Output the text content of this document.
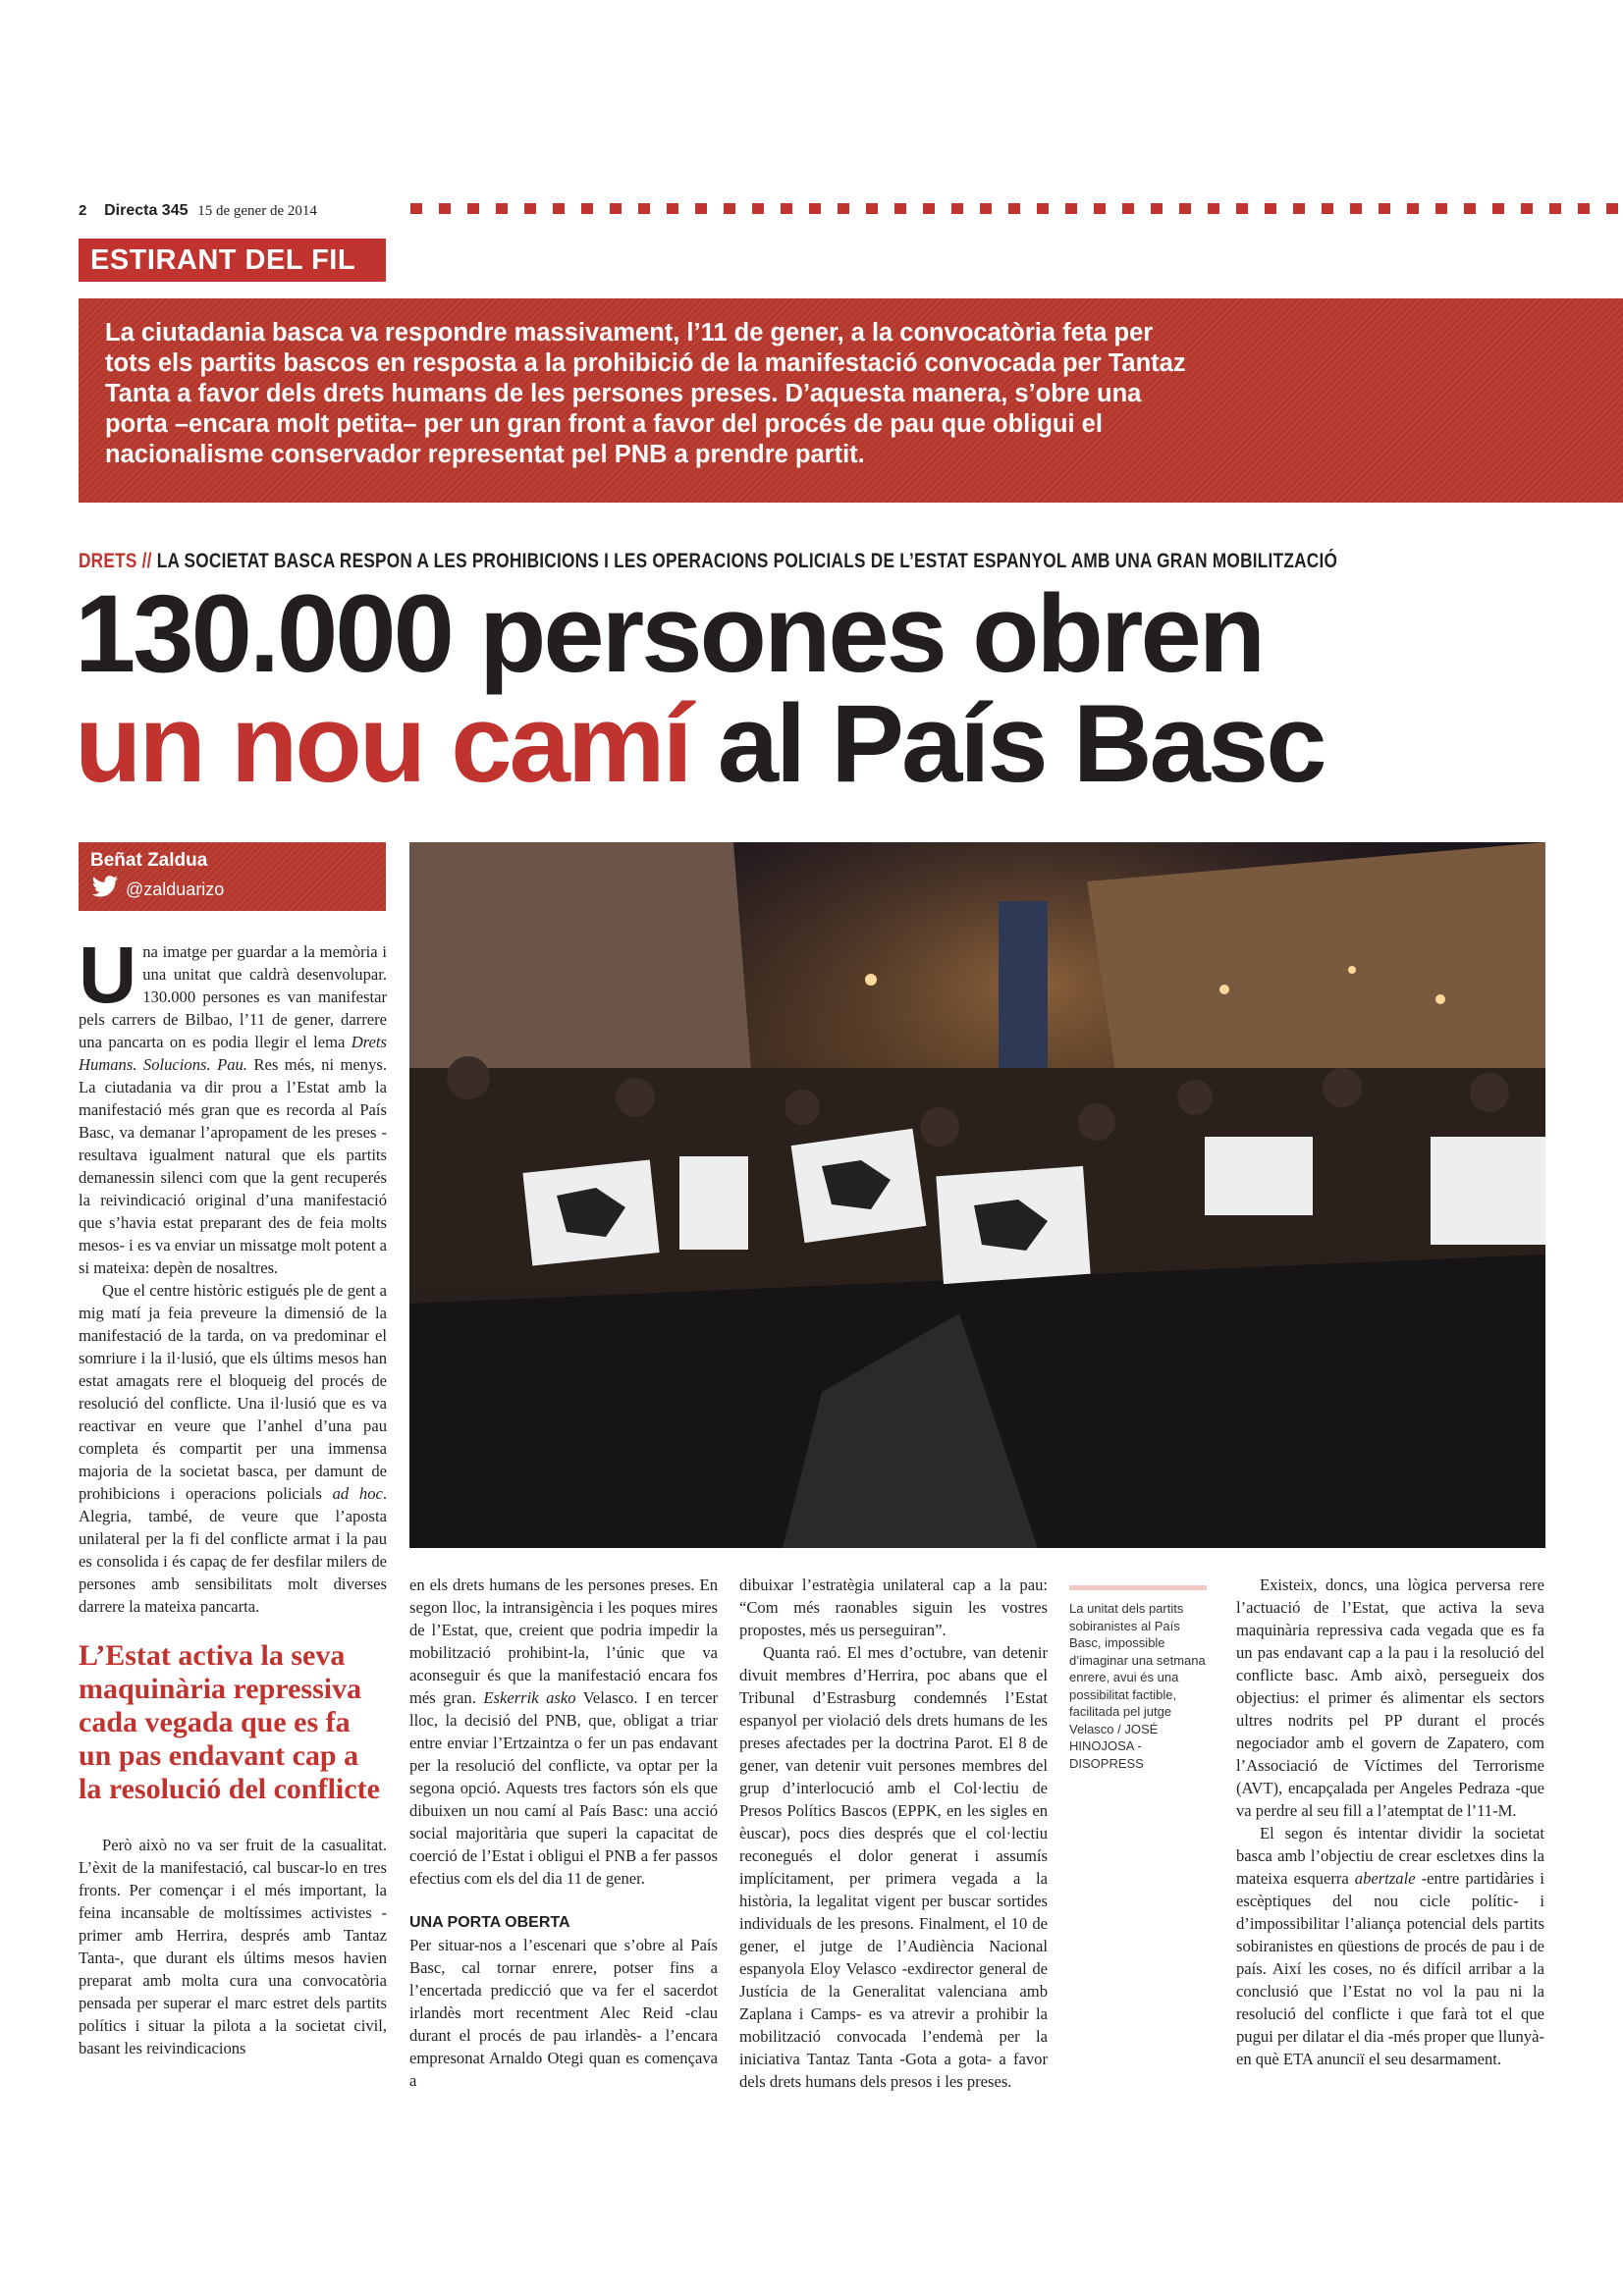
2 Directa 345 15 de gener de 2014
ESTIRANT DEL FIL

La ciutadania basca va respondre massivament, l’11 de gener, a la convocatòria feta per tots els partits bascos en resposta a la prohibició de la manifestació convocada per Tantaz Tanta a favor dels drets humans de les persones preses. D’aquesta manera, s’obre una porta –encara molt petita– per un gran front a favor del procés de pau que obligui el nacionalisme conservador representat pel PNB a prendre partit.

DRETS // LA SOCIETAT BASCA RESPON A LES PROHIBICIONS I LES OPERACIONS POLICIALS DE L’ESTAT ESPANYOL AMB UNA GRAN MOBILITZACIÓ
130.000 persones obren
un nou camí al País Basc
Beñat Zaldua
@zalduarizo

Una imatge per guardar a la memòria i una unitat que caldrà desenvolupar. 130.000 persones es van manifestar pels carrers de Bilbao, l’11 de gener, darrere una pancarta on es podia llegir el lema Drets Humans. Solucions. Pau. Res més, ni menys. La ciutadania va dir prou a l’Estat amb la manifestació més gran que es recorda al País Basc, va demanar l’apropament de les preses -resultava igualment natural que els partits demanessin silenci com que la gent recuperés la reivindicació original d’una manifestació que s’havia estat preparant des de feia molts mesos- i es va enviar un missatge molt potent a si mateixa: depèn de nosaltres.

Que el centre històric estigués ple de gent a mig matí ja feia preveure la dimensió de la manifestació de la tarda, on va predominar el somriure i la il·lusió, que els últims mesos han estat amagats rere el bloqueig del procés de resolució del conflicte. Una il·lusió que es va reactivar en veure que l’anhel d’una pau completa és compartit per una immensa majoria de la societat basca, per damunt de prohibicions i operacions policials ad hoc. Alegria, també, de veure que l’aposta unilateral per la fi del conflicte armat i la pau es consolida i és capaç de fer desfilar milers de persones amb sensibilitats molt diverses darrere la mateixa pancarta.

L’Estat activa la seva maquinària repressiva cada vegada que es fa un pas endavant cap a la resolució del conflicte

Però això no va ser fruit de la casualitat. L’èxit de la manifestació, cal buscar-lo en tres fronts. Per començar i el més important, la feina incansable de moltíssimes activistes -primer amb Herrira, després amb Tantaz Tanta-, que durant els últims mesos havien preparat amb molta cura una convocatòria pensada per superar el marc estret dels partits polítics i situar la pilota a la societat civil, basant les reivindicacions

en els drets humans de les persones preses. En segon lloc, la intransigència i les poques mires de l’Estat, que, creient que podria impedir la mobilització prohibint-la, l’únic que va aconseguir és que la manifestació encara fos més gran. Eskerrik asko Velasco. I en tercer lloc, la decisió del PNB, que, obligat a triar entre enviar l’Ertzaintza o fer un pas endavant per la resolució del conflicte, va optar per la segona opció. Aquests tres factors són els que dibuixen un nou camí al País Basc: una acció social majoritària que superi la capacitat de coerció de l’Estat i obligui el PNB a fer passos efectius com els del dia 11 de gener.

UNA PORTA OBERTA

Per situar-nos a l’escenari que s’obre al País Basc, cal tornar enrere, potser fins a l’encertada predicció que va fer el sacerdot irlandès mort recentment Alec Reid -clau durant el procés de pau irlandès- a l’encara empresonat Arnaldo Otegi quan es començava a

dibuixar l’estratègia unilateral cap a la pau: “Com més raonables siguin les vostres propostes, més us perseguiran”.

Quanta raó. El mes d’octubre, van detenir divuit membres d’Herrira, poc abans que el Tribunal d’Estrasburg condemnés l’Estat espanyol per violació dels drets humans de les preses afectades per la doctrina Parot. El 8 de gener, van detenir vuit persones membres del grup d’interlocució amb el Col·lectiu de Presos Polítics Bascos (EPPK, en les sigles en èuscar), pocs dies després que el col·lectiu reconegués el dolor generat i assumís implícitament, per primera vegada a la història, la legalitat vigent per buscar sortides individuals de les presons. Finalment, el 10 de gener, el jutge de l’Audiència Nacional espanyola Eloy Velasco -exdirector general de Justícia de la Generalitat valenciana amb Zaplana i Camps- es va atrevir a prohibir la mobilització convocada l’endemà per la iniciativa Tantaz Tanta -Gota a gota- a favor dels drets humans dels presos i les preses.

La unitat dels partits sobiranistes al País Basc, impossible d’imaginar una setmana enrere, avui és una possibilitat factible, facilitada pel jutge Velasco / JOSÉ HINOJOSA -DISOPRESS

Existeix, doncs, una lògica perversa rere l’actuació de l’Estat, que activa la seva maquinària repressiva cada vegada que es fa un pas endavant cap a la pau i la resolució del conflicte basc. Amb això, persegueix dos objectius: el primer és alimentar els sectors ultres nodrits pel PP durant el procés negociador amb el govern de Zapatero, com l’Associació de Víctimes del Terrorisme (AVT), encapçalada per Angeles Pedraza -que va perdre al seu fill a l’atemptat de l’11-M.

El segon és intentar dividir la societat basca amb l’objectiu de crear escletxes dins la mateixa esquerra abertzale -entre partidàries i escèptiques del nou cicle polític- i d’impossibilitar l’aliança potencial dels partits sobiranistes en qüestions de procés de pau i de país. Així les coses, no és difícil arribar a la conclusió que l’Estat no vol la pau ni la resolució del conflicte i que farà tot el que pugui per dilatar el dia -més proper que llunyà- en què ETA anunciï el seu desarmament.
